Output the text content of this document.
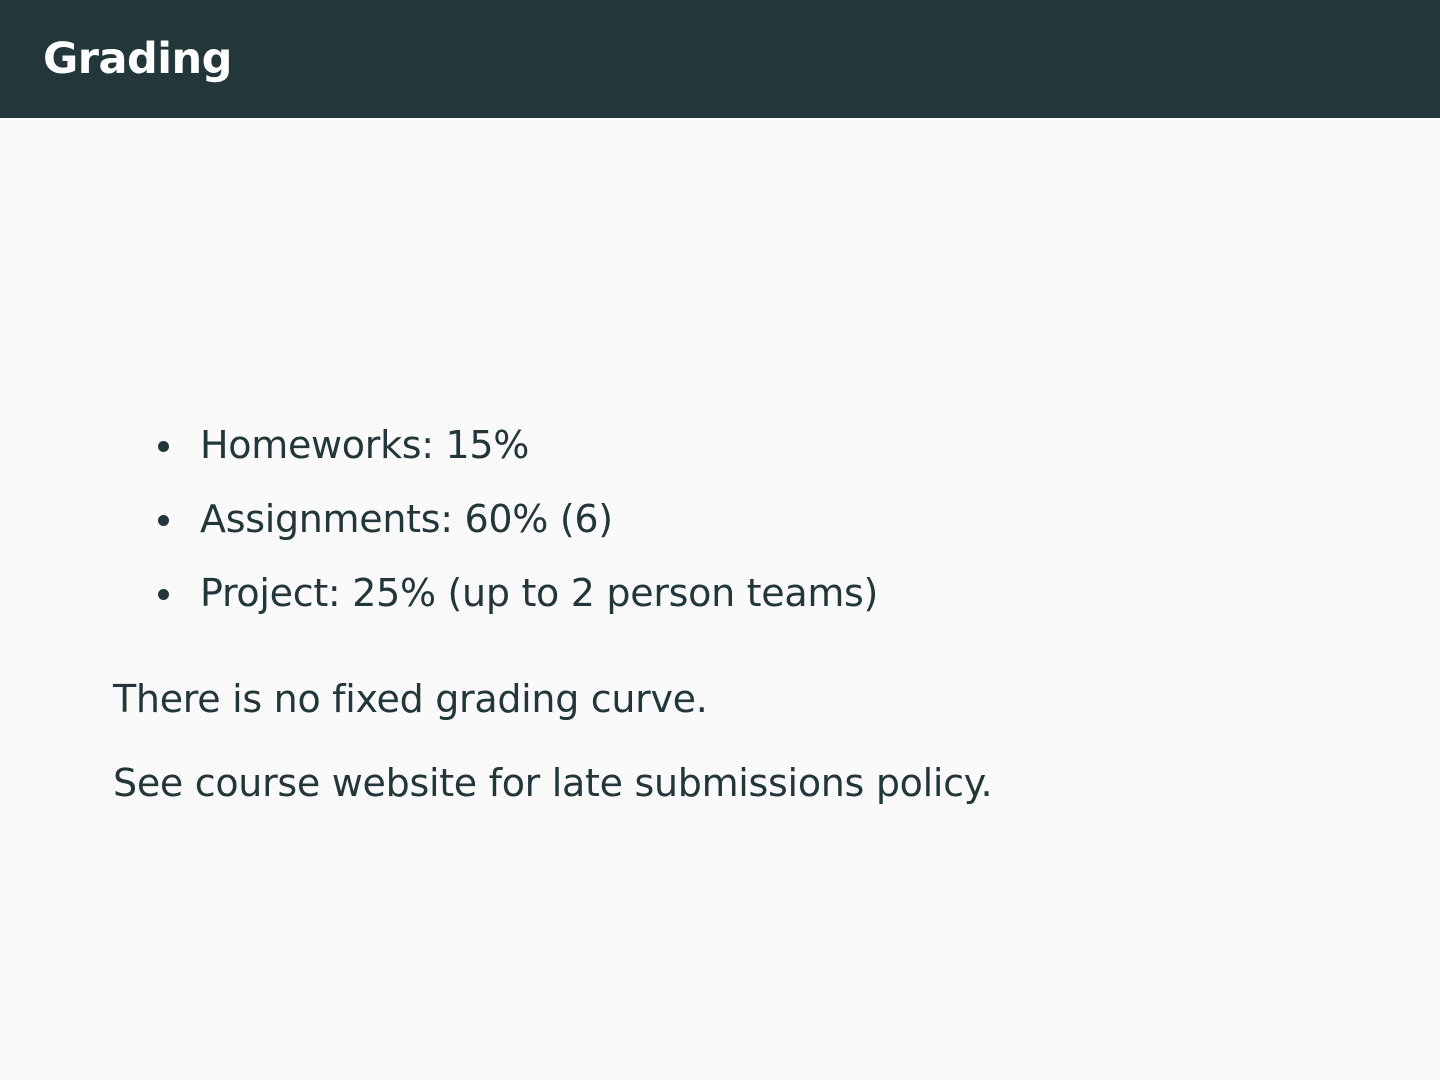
Grading
Homeworks: 15%
Assignments: 60% (6)
Project: 25% (up to 2 person teams)

There is no fixed grading curve.

See course website for late submissions policy.
